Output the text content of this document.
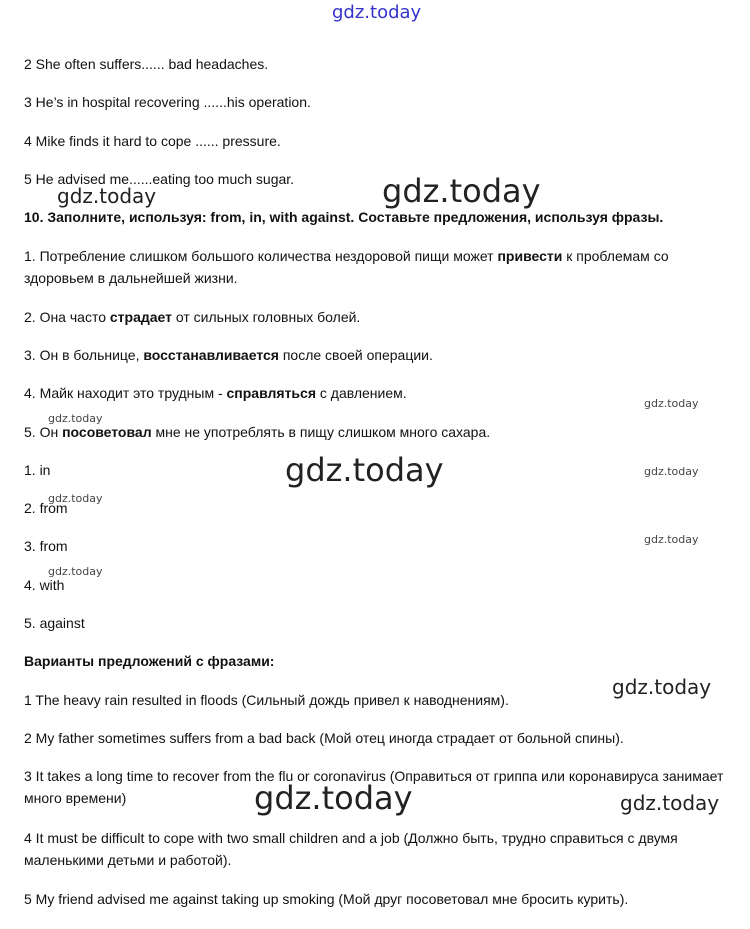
gdz.today
2 She often suffers...... bad headaches.
3 He’s in hospital recovering ......his operation.
4 Mike finds it hard to cope ...... pressure.
5 He advised me......eating too much sugar.
gdz.today	gdz.today
10. Заполните, используя: from, in, with against. Составьте предложения, используя фразы.
1. Потребление слишком большого количества нездоровой пищи может привести к проблемам со здоровьем в дальнейшей жизни.
2. Она часто страдает от сильных головных болей.
3. Он в больнице, восстанавливается после своей операции.
4. Майк находит это трудным - справляться с давлением.
gdz.today
gdz.today
5. Он посоветовал мне не употреблять в пищу слишком много сахара.
1. in	gdz.today	gdz.today
gdz.today
2. from
gdz.today
3. from
gdz.today
4. with
5. against
Варианты предложений с фразами:
gdz.today
1 The heavy rain resulted in floods (Сильный дождь привел к наводнениям).
2 My father sometimes suffers from a bad back (Мой отец иногда страдает от больной спины).
3 It takes a long time to recover from the flu or coronavirus (Оправиться от гриппа или коронавируса занимает много времени)	gdz.today	gdz.today
4 It must be difficult to cope with two small children and a job (Должно быть, трудно справиться с двумя маленькими детьми и работой).
5 My friend advised me against taking up smoking (Мой друг посоветовал мне бросить курить).
